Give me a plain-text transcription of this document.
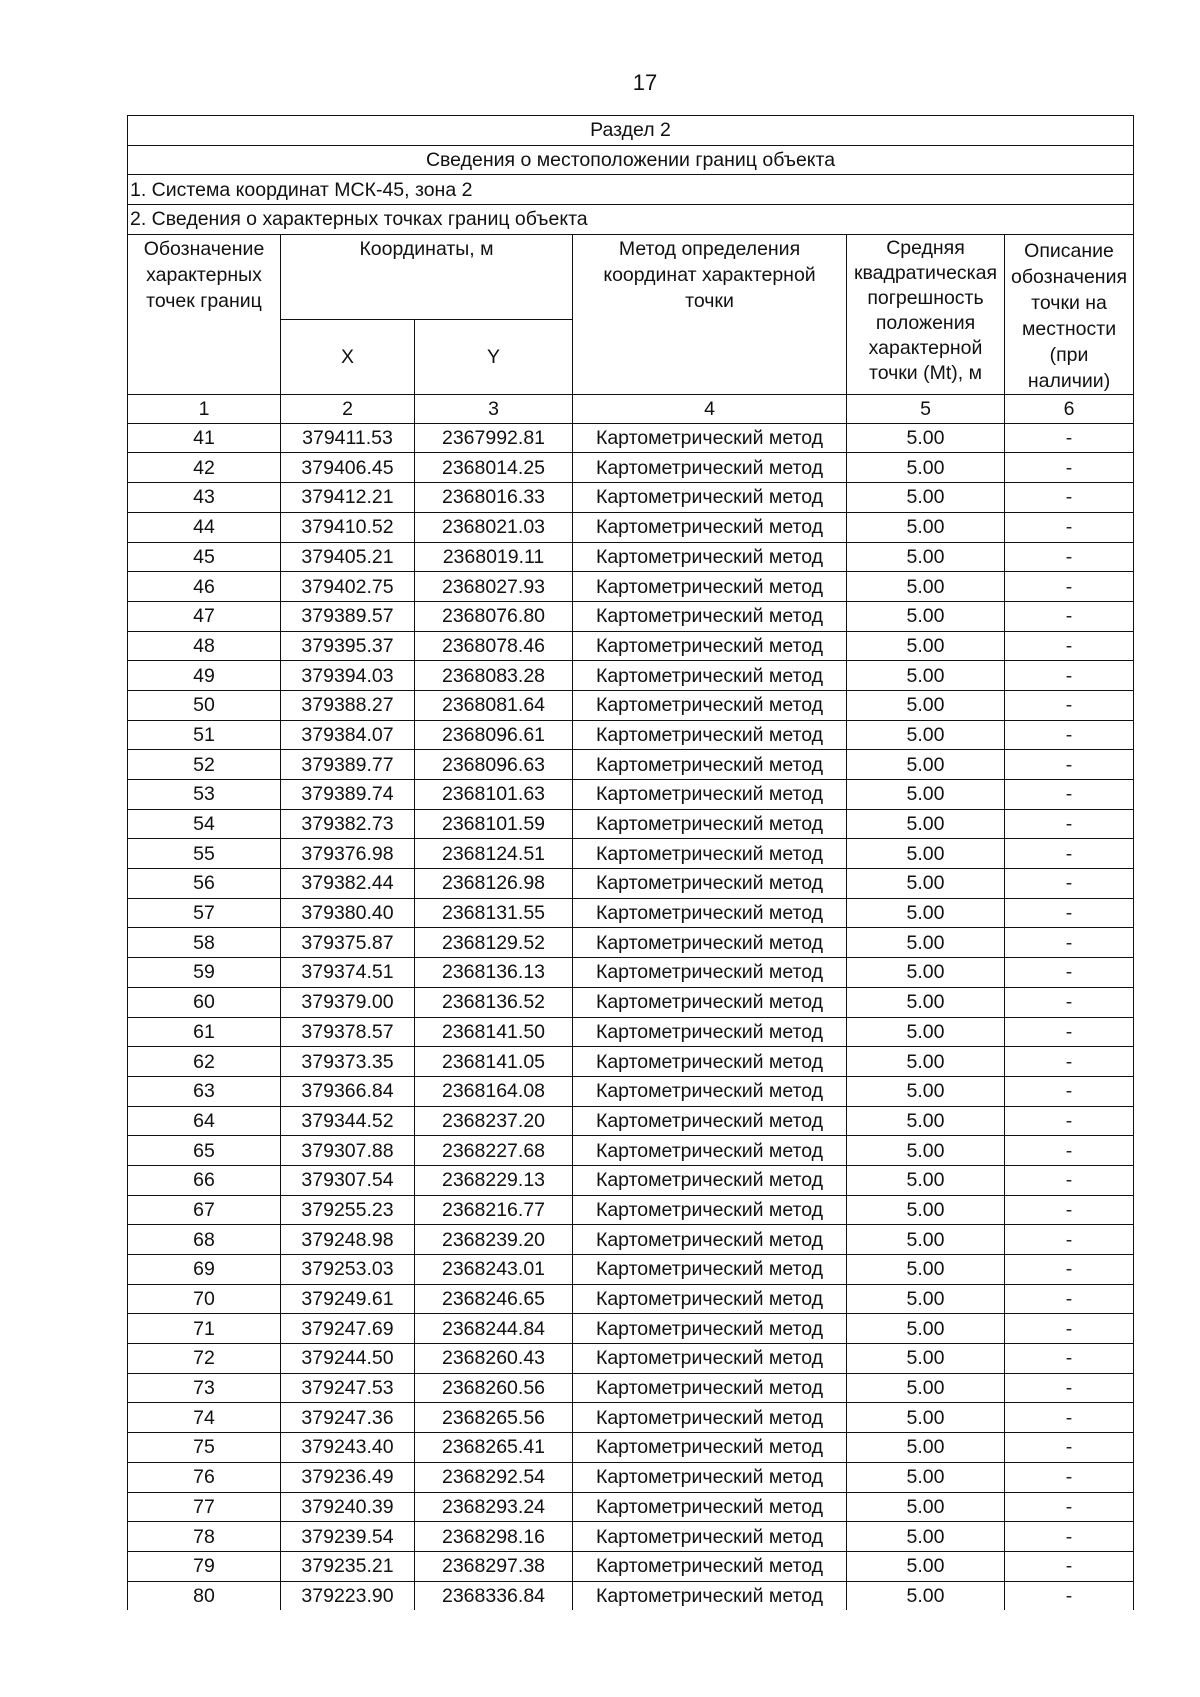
17
Раздел 2					
Сведения о местоположении границ объекта					
1. Система координат МСК-45, зона 2					
2. Сведения о характерных точках границ объекта					
Обозначение характерных точек границ	Координаты, м		Метод определения координат характерной точки	Средняя квадратическая погрешность положения характерной точки (Mt), м	Описание обозначения точки на местности (при наличии)
	X	Y			
1	2	3	4	5	6
41	379411.53	2367992.81	Картометрический метод	5.00	-
42	379406.45	2368014.25	Картометрический метод	5.00	-
43	379412.21	2368016.33	Картометрический метод	5.00	-
44	379410.52	2368021.03	Картометрический метод	5.00	-
45	379405.21	2368019.11	Картометрический метод	5.00	-
46	379402.75	2368027.93	Картометрический метод	5.00	-
47	379389.57	2368076.80	Картометрический метод	5.00	-
48	379395.37	2368078.46	Картометрический метод	5.00	-
49	379394.03	2368083.28	Картометрический метод	5.00	-
50	379388.27	2368081.64	Картометрический метод	5.00	-
51	379384.07	2368096.61	Картометрический метод	5.00	-
52	379389.77	2368096.63	Картометрический метод	5.00	-
53	379389.74	2368101.63	Картометрический метод	5.00	-
54	379382.73	2368101.59	Картометрический метод	5.00	-
55	379376.98	2368124.51	Картометрический метод	5.00	-
56	379382.44	2368126.98	Картометрический метод	5.00	-
57	379380.40	2368131.55	Картометрический метод	5.00	-
58	379375.87	2368129.52	Картометрический метод	5.00	-
59	379374.51	2368136.13	Картометрический метод	5.00	-
60	379379.00	2368136.52	Картометрический метод	5.00	-
61	379378.57	2368141.50	Картометрический метод	5.00	-
62	379373.35	2368141.05	Картометрический метод	5.00	-
63	379366.84	2368164.08	Картометрический метод	5.00	-
64	379344.52	2368237.20	Картометрический метод	5.00	-
65	379307.88	2368227.68	Картометрический метод	5.00	-
66	379307.54	2368229.13	Картометрический метод	5.00	-
67	379255.23	2368216.77	Картометрический метод	5.00	-
68	379248.98	2368239.20	Картометрический метод	5.00	-
69	379253.03	2368243.01	Картометрический метод	5.00	-
70	379249.61	2368246.65	Картометрический метод	5.00	-
71	379247.69	2368244.84	Картометрический метод	5.00	-
72	379244.50	2368260.43	Картометрический метод	5.00	-
73	379247.53	2368260.56	Картометрический метод	5.00	-
74	379247.36	2368265.56	Картометрический метод	5.00	-
75	379243.40	2368265.41	Картометрический метод	5.00	-
76	379236.49	2368292.54	Картометрический метод	5.00	-
77	379240.39	2368293.24	Картометрический метод	5.00	-
78	379239.54	2368298.16	Картометрический метод	5.00	-
79	379235.21	2368297.38	Картометрический метод	5.00	-
80	379223.90	2368336.84	Картометрический метод	5.00	-
